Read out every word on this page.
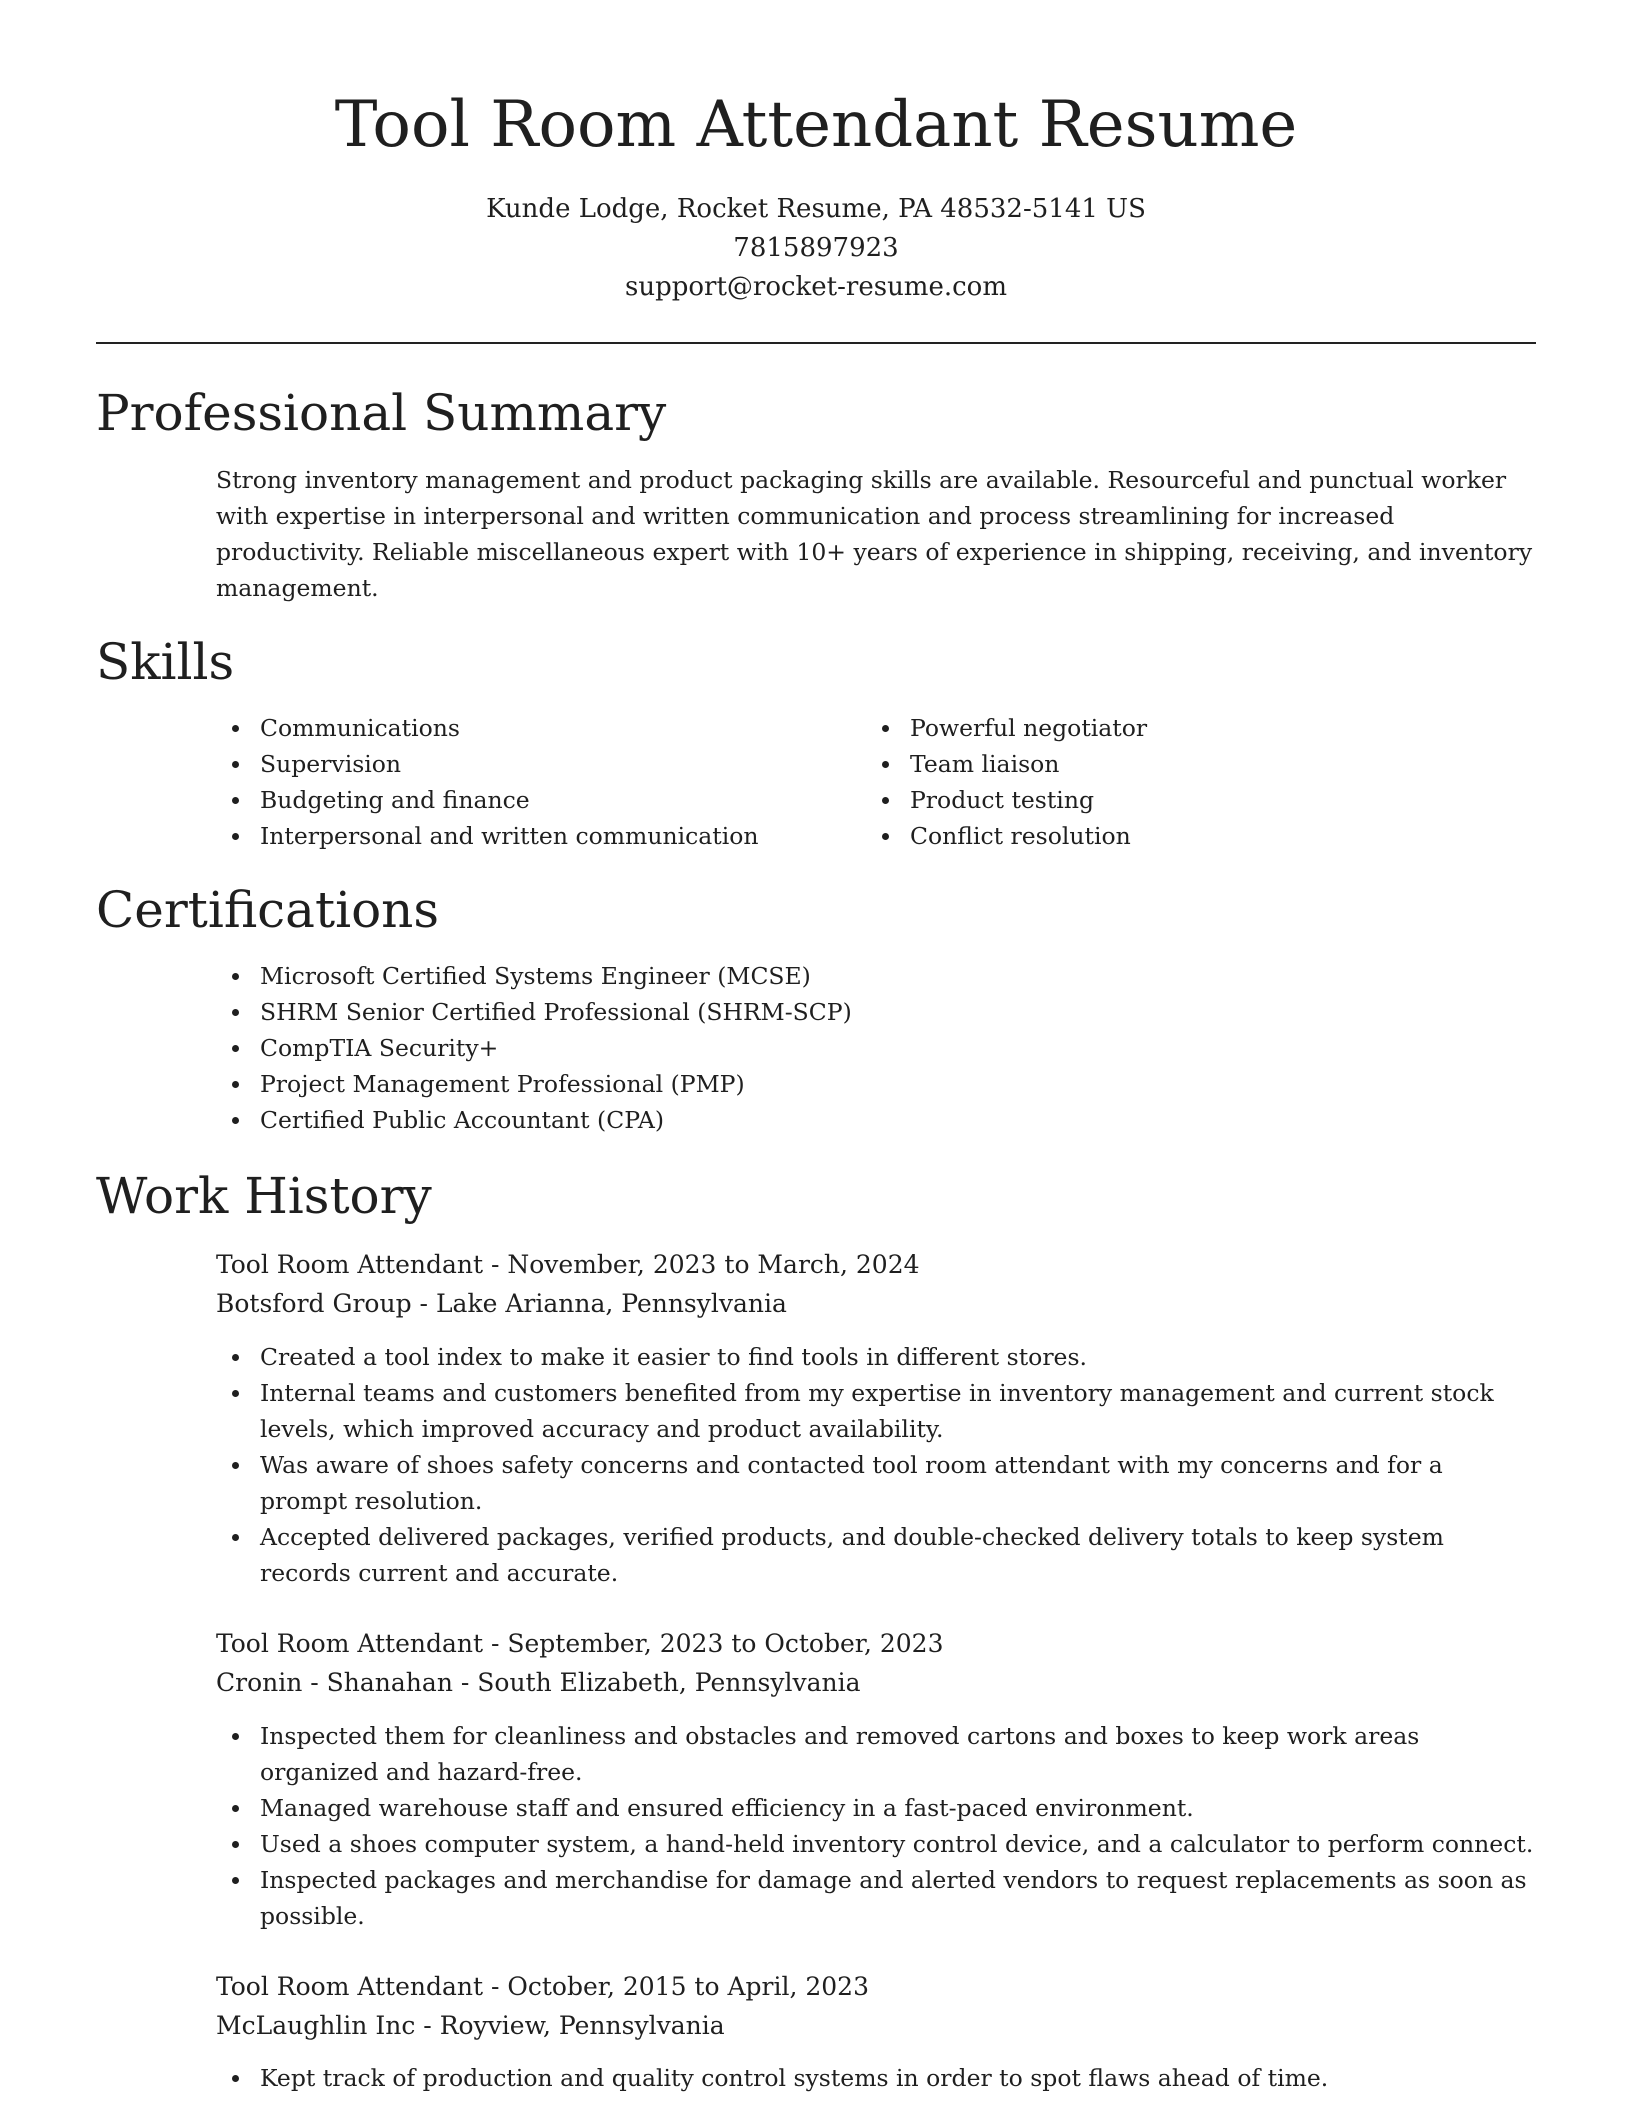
Tool Room Attendant Resume
Kunde Lodge, Rocket Resume, PA 48532-5141 US
7815897923
support@rocket-resume.com
Professional Summary

Strong inventory management and product packaging skills are available. Resourceful and punctual worker with expertise in interpersonal and written communication and process streamlining for increased productivity. Reliable miscellaneous expert with 10+ years of experience in shipping, receiving, and inventory management.

Skills
Communications
Supervision
Budgeting and finance
Interpersonal and written communication
Powerful negotiator
Team liaison
Product testing
Conflict resolution
Certifications
Microsoft Certified Systems Engineer (MCSE)
SHRM Senior Certified Professional (SHRM-SCP)
CompTIA Security+
Project Management Professional (PMP)
Certified Public Accountant (CPA)
Work History
Tool Room Attendant - November, 2023 to March, 2024
Botsford Group - Lake Arianna, Pennsylvania
Created a tool index to make it easier to find tools in different stores.
Internal teams and customers benefited from my expertise in inventory management and current stock levels, which improved accuracy and product availability.
Was aware of shoes safety concerns and contacted tool room attendant with my concerns and for a prompt resolution.
Accepted delivered packages, verified products, and double-checked delivery totals to keep system records current and accurate.
Tool Room Attendant - September, 2023 to October, 2023
Cronin - Shanahan - South Elizabeth, Pennsylvania
Inspected them for cleanliness and obstacles and removed cartons and boxes to keep work areas organized and hazard-free.
Managed warehouse staff and ensured efficiency in a fast-paced environment.
Used a shoes computer system, a hand-held inventory control device, and a calculator to perform connect.
Inspected packages and merchandise for damage and alerted vendors to request replacements as soon as possible.
Tool Room Attendant - October, 2015 to April, 2023
McLaughlin Inc - Royview, Pennsylvania
Kept track of production and quality control systems in order to spot flaws ahead of time.
